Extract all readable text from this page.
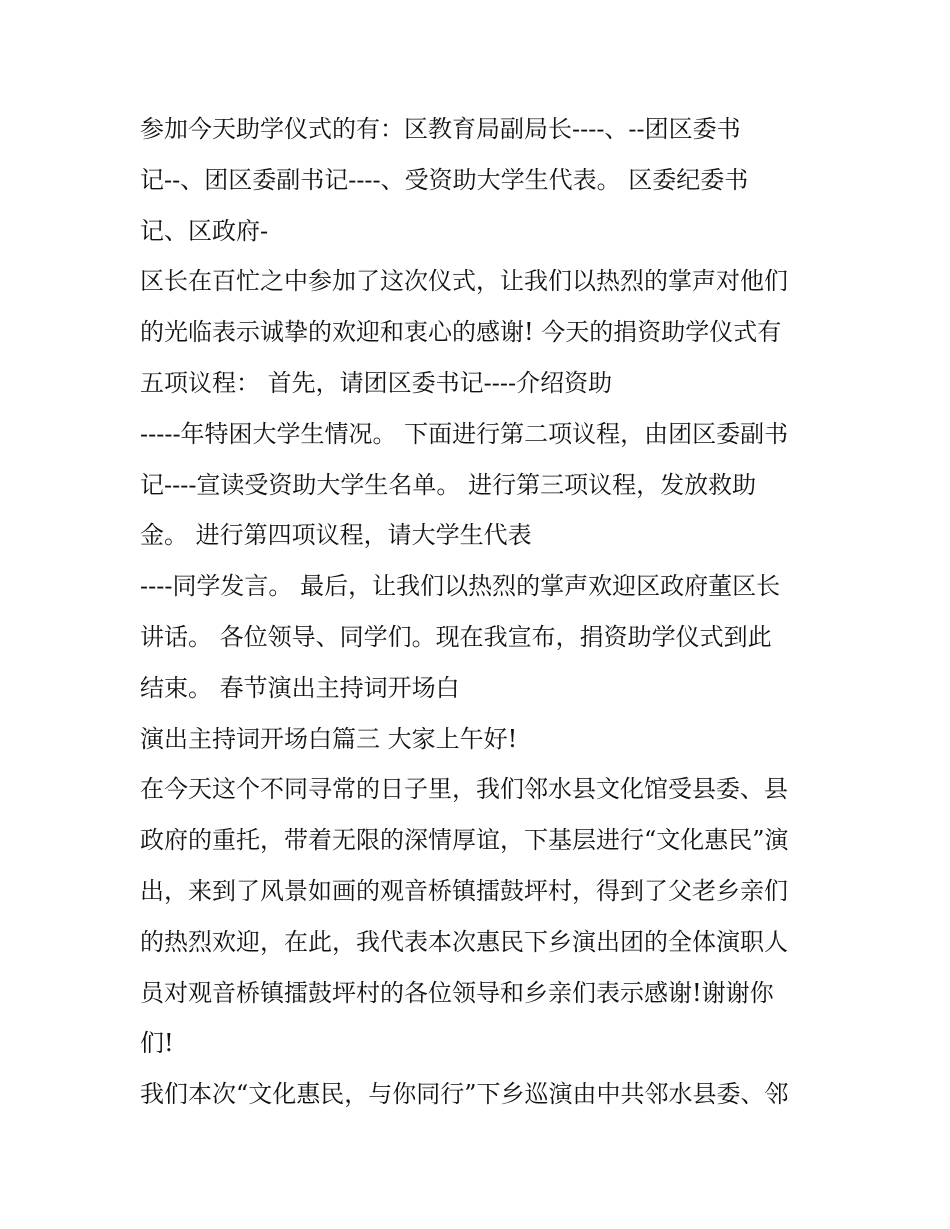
参加今天助学仪式的有：区教育局副局长----、--团区委书
记--、团区委副书记----、受资助大学生代表。 区委纪委书
记、区政府-
区长在百忙之中参加了这次仪式，让我们以热烈的掌声对他们
的光临表示诚挚的欢迎和衷心的感谢! 今天的捐资助学仪式有
五项议程： 首先，请团区委书记----介绍资助
-----年特困大学生情况。 下面进行第二项议程，由团区委副书
记----宣读受资助大学生名单。 进行第三项议程，发放救助
金。 进行第四项议程，请大学生代表
----同学发言。 最后，让我们以热烈的掌声欢迎区政府董区长
讲话。 各位领导、同学们。现在我宣布，捐资助学仪式到此
结束。 春节演出主持词开场白
演出主持词开场白篇三 大家上午好!
在今天这个不同寻常的日子里，我们邻水县文化馆受县委、县
政府的重托，带着无限的深情厚谊，下基层进行“文化惠民”演
出，来到了风景如画的观音桥镇擂鼓坪村，得到了父老乡亲们
的热烈欢迎，在此，我代表本次惠民下乡演出团的全体演职人
员对观音桥镇擂鼓坪村的各位领导和乡亲们表示感谢!谢谢你
们!
我们本次“文化惠民，与你同行”下乡巡演由中共邻水县委、邻
